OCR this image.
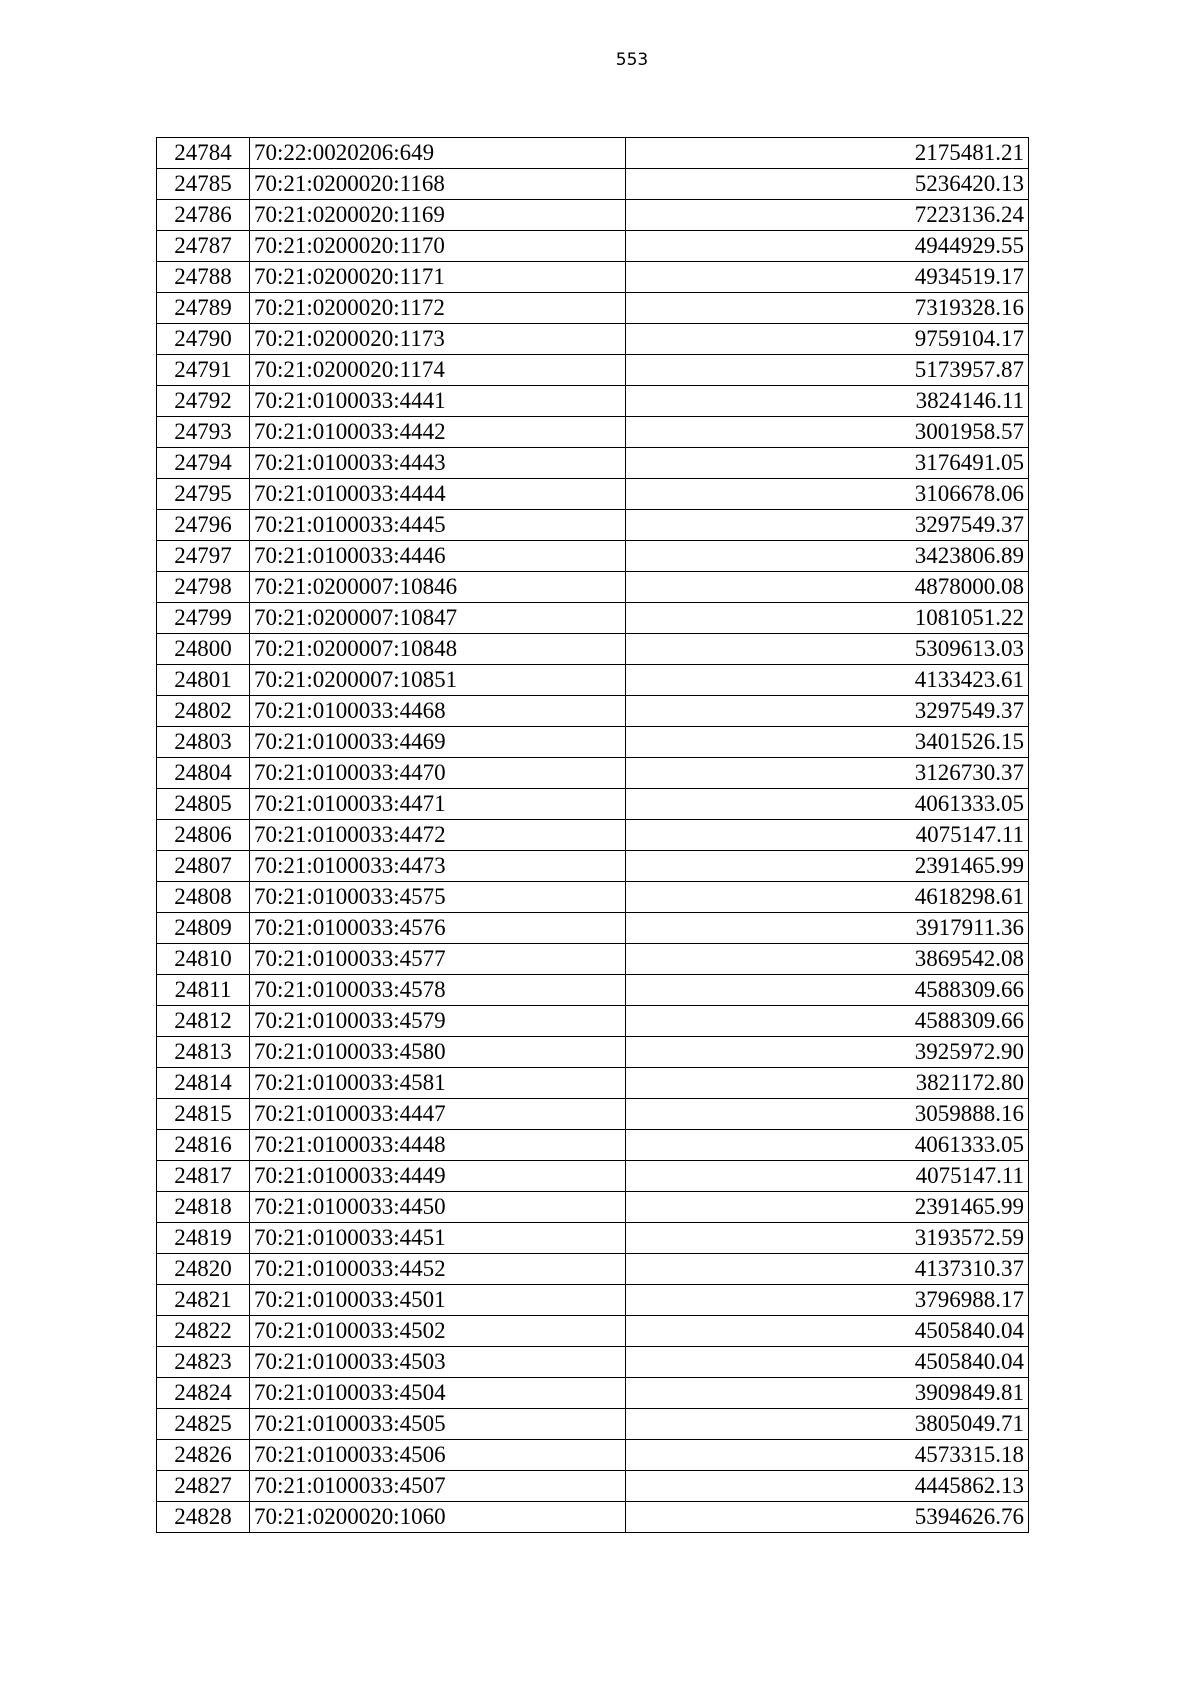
553
24784	70:22:0020206:649	2175481.21
24785	70:21:0200020:1168	5236420.13
24786	70:21:0200020:1169	7223136.24
24787	70:21:0200020:1170	4944929.55
24788	70:21:0200020:1171	4934519.17
24789	70:21:0200020:1172	7319328.16
24790	70:21:0200020:1173	9759104.17
24791	70:21:0200020:1174	5173957.87
24792	70:21:0100033:4441	3824146.11
24793	70:21:0100033:4442	3001958.57
24794	70:21:0100033:4443	3176491.05
24795	70:21:0100033:4444	3106678.06
24796	70:21:0100033:4445	3297549.37
24797	70:21:0100033:4446	3423806.89
24798	70:21:0200007:10846	4878000.08
24799	70:21:0200007:10847	1081051.22
24800	70:21:0200007:10848	5309613.03
24801	70:21:0200007:10851	4133423.61
24802	70:21:0100033:4468	3297549.37
24803	70:21:0100033:4469	3401526.15
24804	70:21:0100033:4470	3126730.37
24805	70:21:0100033:4471	4061333.05
24806	70:21:0100033:4472	4075147.11
24807	70:21:0100033:4473	2391465.99
24808	70:21:0100033:4575	4618298.61
24809	70:21:0100033:4576	3917911.36
24810	70:21:0100033:4577	3869542.08
24811	70:21:0100033:4578	4588309.66
24812	70:21:0100033:4579	4588309.66
24813	70:21:0100033:4580	3925972.90
24814	70:21:0100033:4581	3821172.80
24815	70:21:0100033:4447	3059888.16
24816	70:21:0100033:4448	4061333.05
24817	70:21:0100033:4449	4075147.11
24818	70:21:0100033:4450	2391465.99
24819	70:21:0100033:4451	3193572.59
24820	70:21:0100033:4452	4137310.37
24821	70:21:0100033:4501	3796988.17
24822	70:21:0100033:4502	4505840.04
24823	70:21:0100033:4503	4505840.04
24824	70:21:0100033:4504	3909849.81
24825	70:21:0100033:4505	3805049.71
24826	70:21:0100033:4506	4573315.18
24827	70:21:0100033:4507	4445862.13
24828	70:21:0200020:1060	5394626.76
